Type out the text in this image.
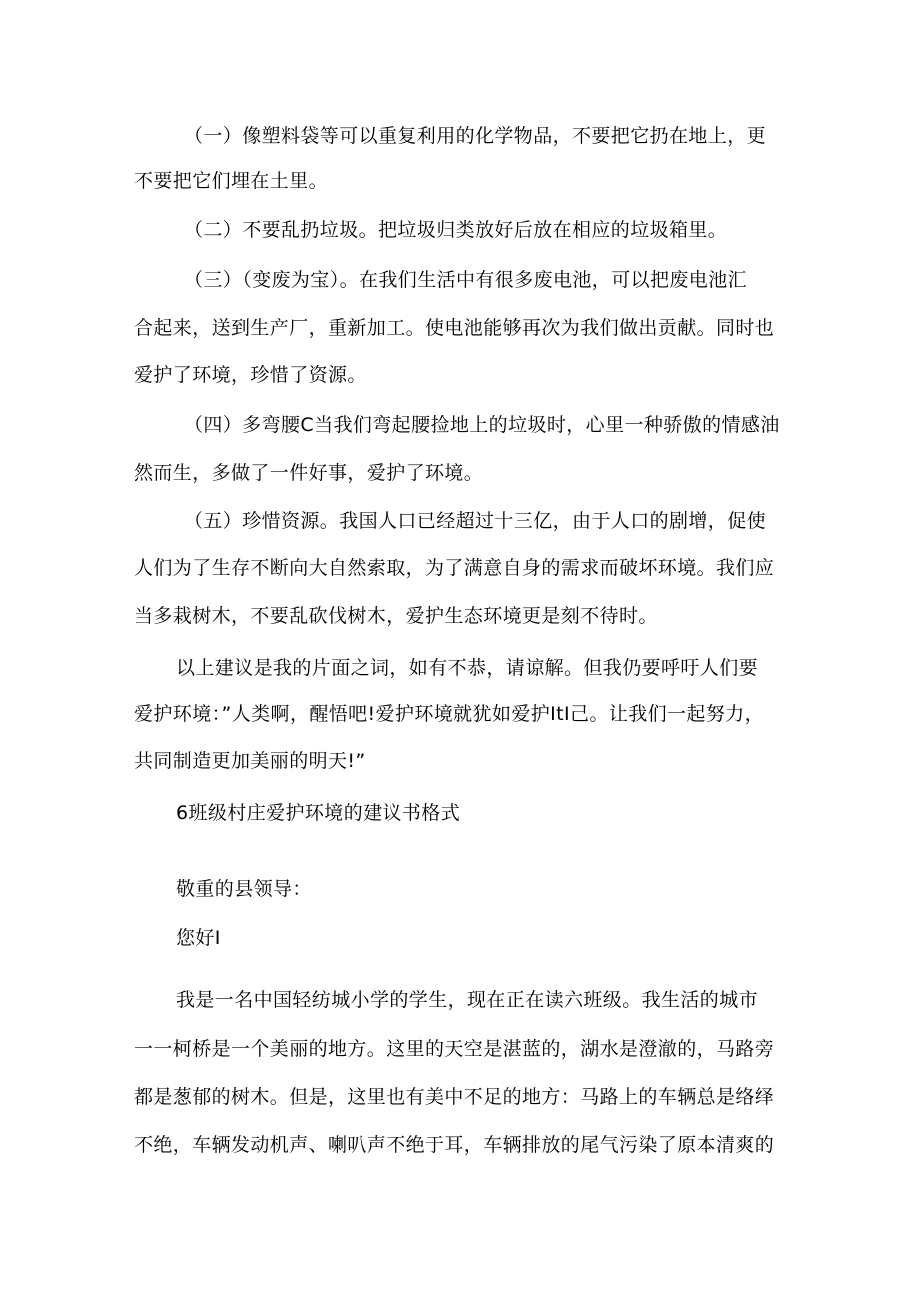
（一）像塑料袋等可以重复利用的化学物品，不要把它扔在地上，更
不要把它们埋在土里。
（二）不要乱扔垃圾。把垃圾归类放好后放在相应的垃圾箱里。
（三）（变废为宝）。在我们生活中有很多废电池，可以把废电池汇
合起来，送到生产厂，重新加工。使电池能够再次为我们做出贡献。同时也
爱护了环境，珍惜了资源。
（四）多弯腰C当我们弯起腰捡地上的垃圾时，心里一种骄傲的情感油
然而生，多做了一件好事，爱护了环境。
（五）珍惜资源。我国人口已经超过十三亿，由于人口的剧增，促使
人们为了生存不断向大自然索取，为了满意自身的需求而破坏环境。我们应
当多栽树木，不要乱砍伐树木，爱护生态环境更是刻不待时。
以上建议是我的片面之词，如有不恭，请谅解。但我仍要呼吁人们要
爱护环境：”人类啊，醒悟吧!爱护环境就犹如爱护ItI己。让我们一起努力，
共同制造更加美丽的明天!”
6班级村庄爱护环境的建议书格式
敬重的县领导：
您好I
我是一名中国轻纺城小学的学生，现在正在读六班级。我生活的城市
一一柯桥是一个美丽的地方。这里的天空是湛蓝的，湖水是澄澈的，马路旁
都是葱郁的树木。但是，这里也有美中不足的地方：马路上的车辆总是络绎
不绝，车辆发动机声、喇叭声不绝于耳，车辆排放的尾气污染了原本清爽的
